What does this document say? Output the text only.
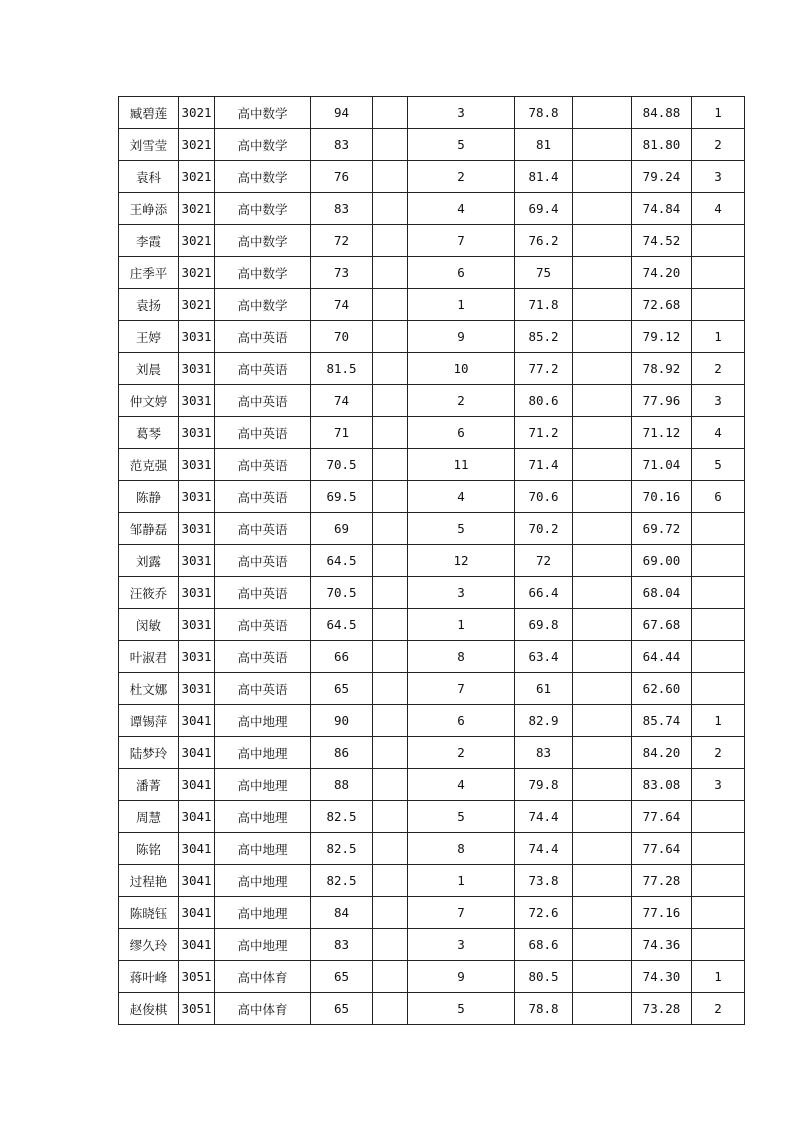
臧碧莲	3021	高中数学	94		3	78.8		84.88	1
刘雪莹	3021	高中数学	83		5	81		81.80	2
袁科	3021	高中数学	76		2	81.4		79.24	3
王峥添	3021	高中数学	83		4	69.4		74.84	4
李霞	3021	高中数学	72		7	76.2		74.52	
庄季平	3021	高中数学	73		6	75		74.20	
袁扬	3021	高中数学	74		1	71.8		72.68	
王婷	3031	高中英语	70		9	85.2		79.12	1
刘晨	3031	高中英语	81.5		10	77.2		78.92	2
仲文婷	3031	高中英语	74		2	80.6		77.96	3
葛琴	3031	高中英语	71		6	71.2		71.12	4
范克强	3031	高中英语	70.5		11	71.4		71.04	5
陈静	3031	高中英语	69.5		4	70.6		70.16	6
邹静磊	3031	高中英语	69		5	70.2		69.72	
刘露	3031	高中英语	64.5		12	72		69.00	
汪筱乔	3031	高中英语	70.5		3	66.4		68.04	
闵敏	3031	高中英语	64.5		1	69.8		67.68	
叶淑君	3031	高中英语	66		8	63.4		64.44	
杜文娜	3031	高中英语	65		7	61		62.60	
谭锡萍	3041	高中地理	90		6	82.9		85.74	1
陆梦玲	3041	高中地理	86		2	83		84.20	2
潘菁	3041	高中地理	88		4	79.8		83.08	3
周慧	3041	高中地理	82.5		5	74.4		77.64	
陈铭	3041	高中地理	82.5		8	74.4		77.64	
过程艳	3041	高中地理	82.5		1	73.8		77.28	
陈晓钰	3041	高中地理	84		7	72.6		77.16	
缪久玲	3041	高中地理	83		3	68.6		74.36	
蒋叶峰	3051	高中体育	65		9	80.5		74.30	1
赵俊棋	3051	高中体育	65		5	78.8		73.28	2
